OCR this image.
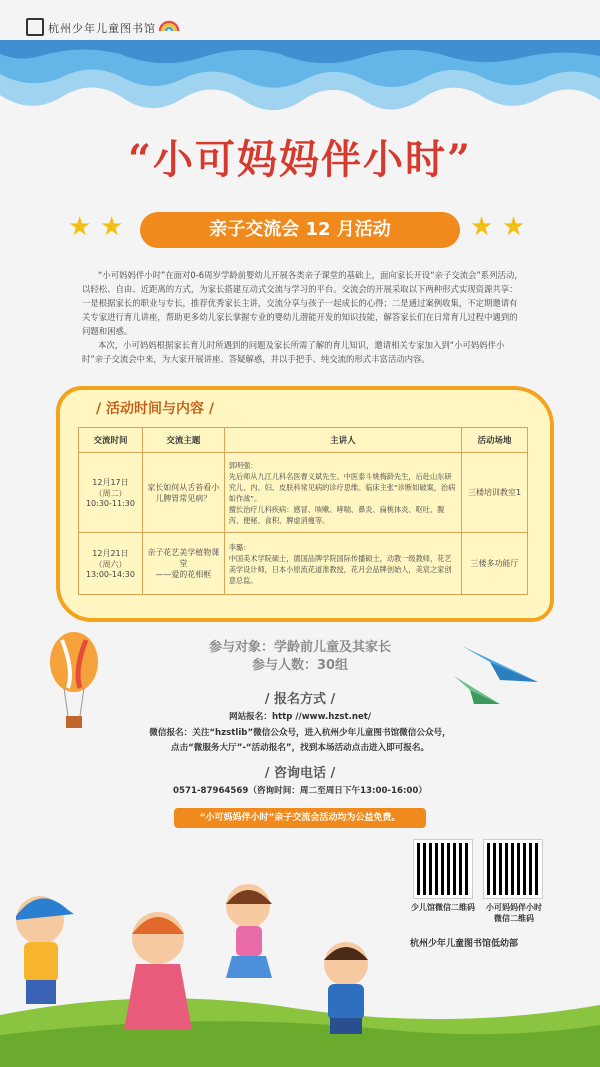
杭州少年儿童图书馆
“小可妈妈伴小时”
★ ★	亲子交流会 12 月活动	★ ★

“小可妈妈伴小时”在面对0-6周岁学龄前婴幼儿开展各类亲子课堂的基础上，面向家长开设“亲子交流会”系列活动，以轻松、自由、近距离的方式，为家长搭建互动式交流与学习的平台。交流会的开展采取以下两种形式实现资源共享：一是根据家长的职业与专长，推荐优秀家长主讲，交流分享与孩子一起成长的心得；二是通过案例收集，不定期邀请有关专家进行育儿讲座，帮助更多幼儿家长掌握专业的婴幼儿潜能开发的知识技能，解答家长们在日常育儿过程中遇到的问题和困惑。

本次，小可妈妈根据家长育儿时所遇到的问题及家长所需了解的育儿知识，邀请相关专家加入到“小可妈妈伴小时”亲子交流会中来，为大家开展讲座、答疑解惑，并以手把手、纯交流的形式丰富活动内容。

/ 活动时间与内容 /
交流时间	交流主题	主讲人	活动场地
12月17日
（周二）
10:30-11:30	家长如何从舌苔看小儿脾胃常见病？	郭明强：
先后师从九江儿科名医曹义斌先生、中医泰斗姚梅龄先生，后赴山东研究儿、内、妇、皮肤科常见病的诊疗思维。临床主张“诊断如破案，治病如作战”。
擅长治疗儿科疾病：感冒、咳嗽、哮喘、鼻炎、扁桃体炎、呕吐、腹泻、便秘、食积、脾虚消瘦等。	三楼培训教室1
12月21日
（周六）
13:00-14:30	亲子花艺美学植物课堂
——爱的花相框	李璐：
中国美术学院硕士，德国品牌学院国际传播硕士，动教一级教师，花艺美学设计师，日本小原流花道准教授，花月会品牌创始人，美宸之家创意总监。	三楼多功能厅
参与对象：学龄前儿童及其家长
参与人数：30组
/ 报名方式 /
网站报名：http //www.hzst.net/
微信报名：关注“hzstlib”微信公众号，进入杭州少年儿童图书馆微信公众号，
点击“微服务大厅”-“活动报名”，找到本场活动点击进入即可报名。
/ 咨询电话 /
0571-87964569（咨询时间：周二至周日下午13:00-16:00）
“小可妈妈伴小时”亲子交流会活动均为公益免费。
少儿馆微信二维码	小可妈妈伴小时
微信二维码
杭州少年儿童图书馆低幼部
